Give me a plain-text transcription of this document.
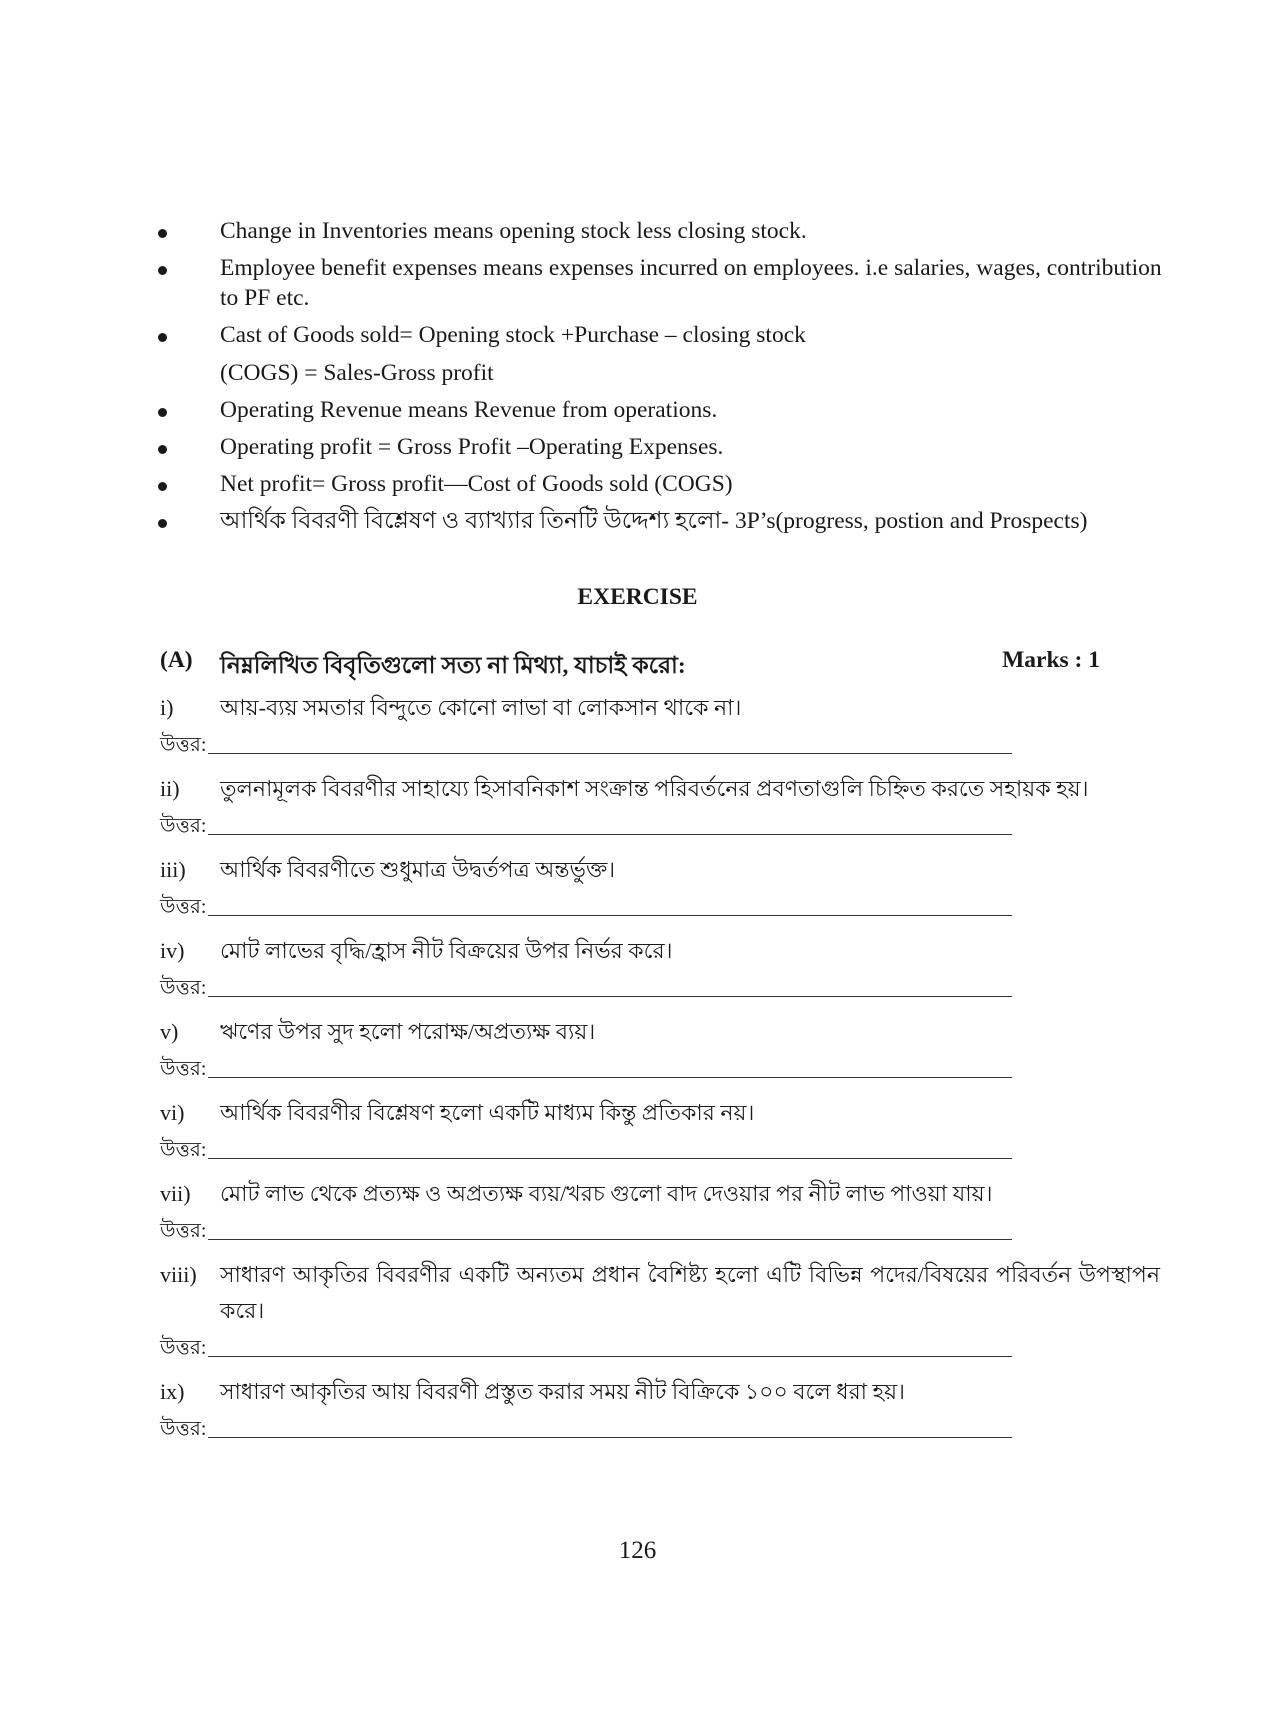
Change in Inventories means opening stock less closing stock.
Employee benefit expenses means expenses incurred on employees. i.e salaries, wages, contribution to PF etc.
Cast of Goods sold= Opening stock +Purchase – closing stock
(COGS) = Sales-Gross profit
Operating Revenue means Revenue from operations.
Operating profit = Gross Profit –Operating Expenses.
Net profit= Gross profit—Cost of Goods sold (COGS)
আর্থিক বিবরণী বিশ্লেষণ ও ব্যাখ্যার তিনটি উদ্দেশ্য হলো- 3P’s(progress, postion and Prospects)
EXERCISE
(A) নিম্নলিখিত বিবৃতিগুলো সত্য না মিথ্যা, যাচাই করো:	Marks : 1
i) আয়-ব্যয় সমতার বিন্দুতে কোনো লাভা বা লোকসান থাকে না।
উত্তর:
ii) তুলনামূলক বিবরণীর সাহায্যে হিসাবনিকাশ সংক্রান্ত পরিবর্তনের প্রবণতাগুলি চিহ্নিত করতে সহায়ক হয়।
উত্তর:
iii) আর্থিক বিবরণীতে শুধুমাত্র উদ্বর্তপত্র অন্তর্ভুক্ত।
উত্তর:
iv) মোট লাভের বৃদ্ধি/হ্রাস নীট বিক্রয়ের উপর নির্ভর করে।
উত্তর:
v) ঋণের উপর সুদ হলো পরোক্ষ/অপ্রত্যক্ষ ব্যয়।
উত্তর:
vi) আর্থিক বিবরণীর বিশ্লেষণ হলো একটি মাধ্যম কিন্তু প্রতিকার নয়।
উত্তর:
vii) মোট লাভ থেকে প্রত্যক্ষ ও অপ্রত্যক্ষ ব্যয়/খরচ গুলো বাদ দেওয়ার পর নীট লাভ পাওয়া যায়।
উত্তর:
viii) সাধারণ আকৃতির বিবরণীর একটি অন্যতম প্রধান বৈশিষ্ট্য হলো এটি বিভিন্ন পদের/বিষয়ের পরিবর্তন উপস্থাপন করে।
উত্তর:
ix) সাধারণ আকৃতির আয় বিবরণী প্রস্তুত করার সময় নীট বিক্রিকে ১০০ বলে ধরা হয়।
উত্তর:
126
